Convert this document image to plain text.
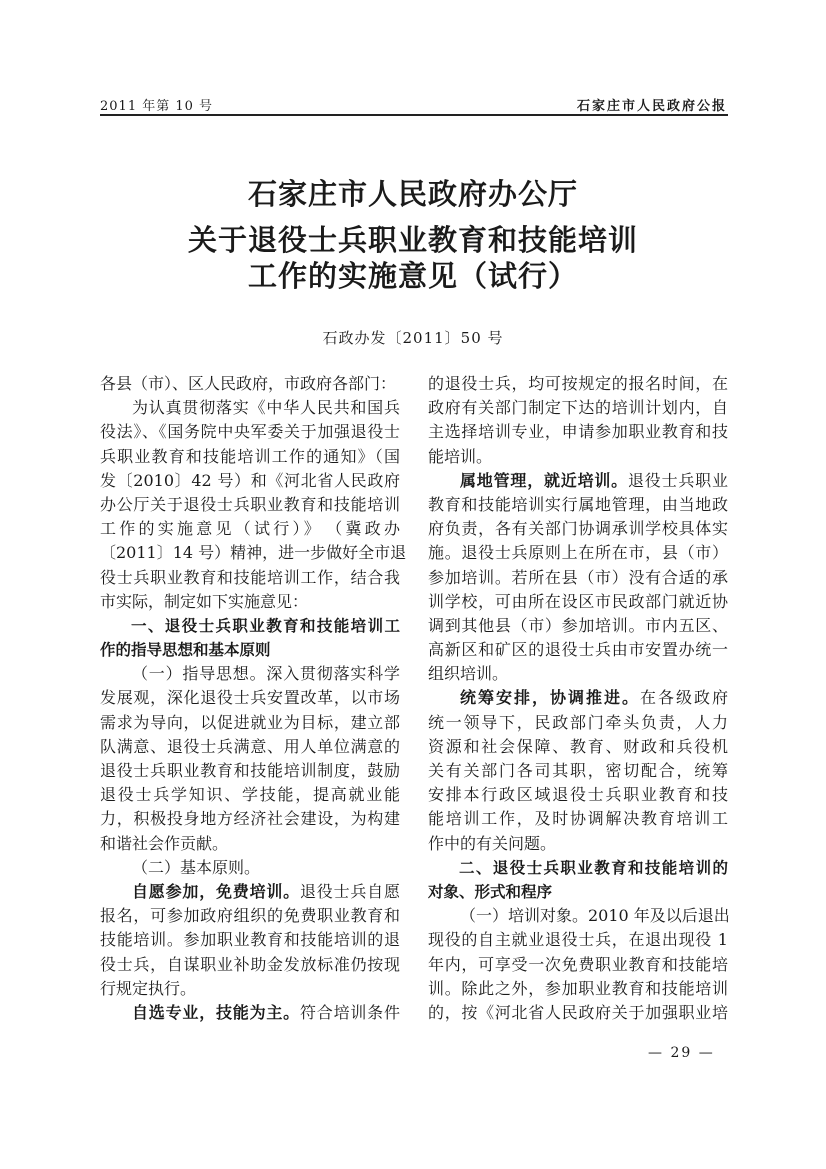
2011 年第 10 号	石家庄市人民政府公报
石家庄市人民政府办公厅
关于退役士兵职业教育和技能培训
工作的实施意见（试行）
石政办发〔2011〕50 号
各县（市）、区人民政府，市政府各部门：
为认真贯彻落实《中华人民共和国兵
役法》、《国务院中央军委关于加强退役士
兵职业教育和技能培训工作的通知》（国
发〔2010〕42 号）和《河北省人民政府
办公厅关于退役士兵职业教育和技能培训
工作的实施意见（试行）》　（冀政办
〔2011〕14 号）精神，进一步做好全市退
役士兵职业教育和技能培训工作，结合我
市实际，制定如下实施意见：
一、退役士兵职业教育和技能培训工
作的指导思想和基本原则
（一）指导思想。深入贯彻落实科学
发展观，深化退役士兵安置改革，以市场
需求为导向，以促进就业为目标，建立部
队满意、退役士兵满意、用人单位满意的
退役士兵职业教育和技能培训制度，鼓励
退役士兵学知识、学技能，提高就业能
力，积极投身地方经济社会建设，为构建
和谐社会作贡献。
（二）基本原则。
自愿参加，免费培训。退役士兵自愿
报名，可参加政府组织的免费职业教育和
技能培训。参加职业教育和技能培训的退
役士兵，自谋职业补助金发放标准仍按现
行规定执行。
自选专业，技能为主。符合培训条件
的退役士兵，均可按规定的报名时间，在
政府有关部门制定下达的培训计划内，自
主选择培训专业，申请参加职业教育和技
能培训。
属地管理，就近培训。退役士兵职业
教育和技能培训实行属地管理，由当地政
府负责，各有关部门协调承训学校具体实
施。退役士兵原则上在所在市，县（市）
参加培训。若所在县（市）没有合适的承
训学校，可由所在设区市民政部门就近协
调到其他县（市）参加培训。市内五区、
高新区和矿区的退役士兵由市安置办统一
组织培训。
统筹安排，协调推进。在各级政府
统一领导下，民政部门牵头负责，人力
资源和社会保障、教育、财政和兵役机
关有关部门各司其职，密切配合，统筹
安排本行政区域退役士兵职业教育和技
能培训工作，及时协调解决教育培训工
作中的有关问题。
二、退役士兵职业教育和技能培训的
对象、形式和程序
（一）培训对象。2010 年及以后退出
现役的自主就业退役士兵，在退出现役 1
年内，可享受一次免费职业教育和技能培
训。除此之外，参加职业教育和技能培训
的，按《河北省人民政府关于加强职业培
— 29 —
